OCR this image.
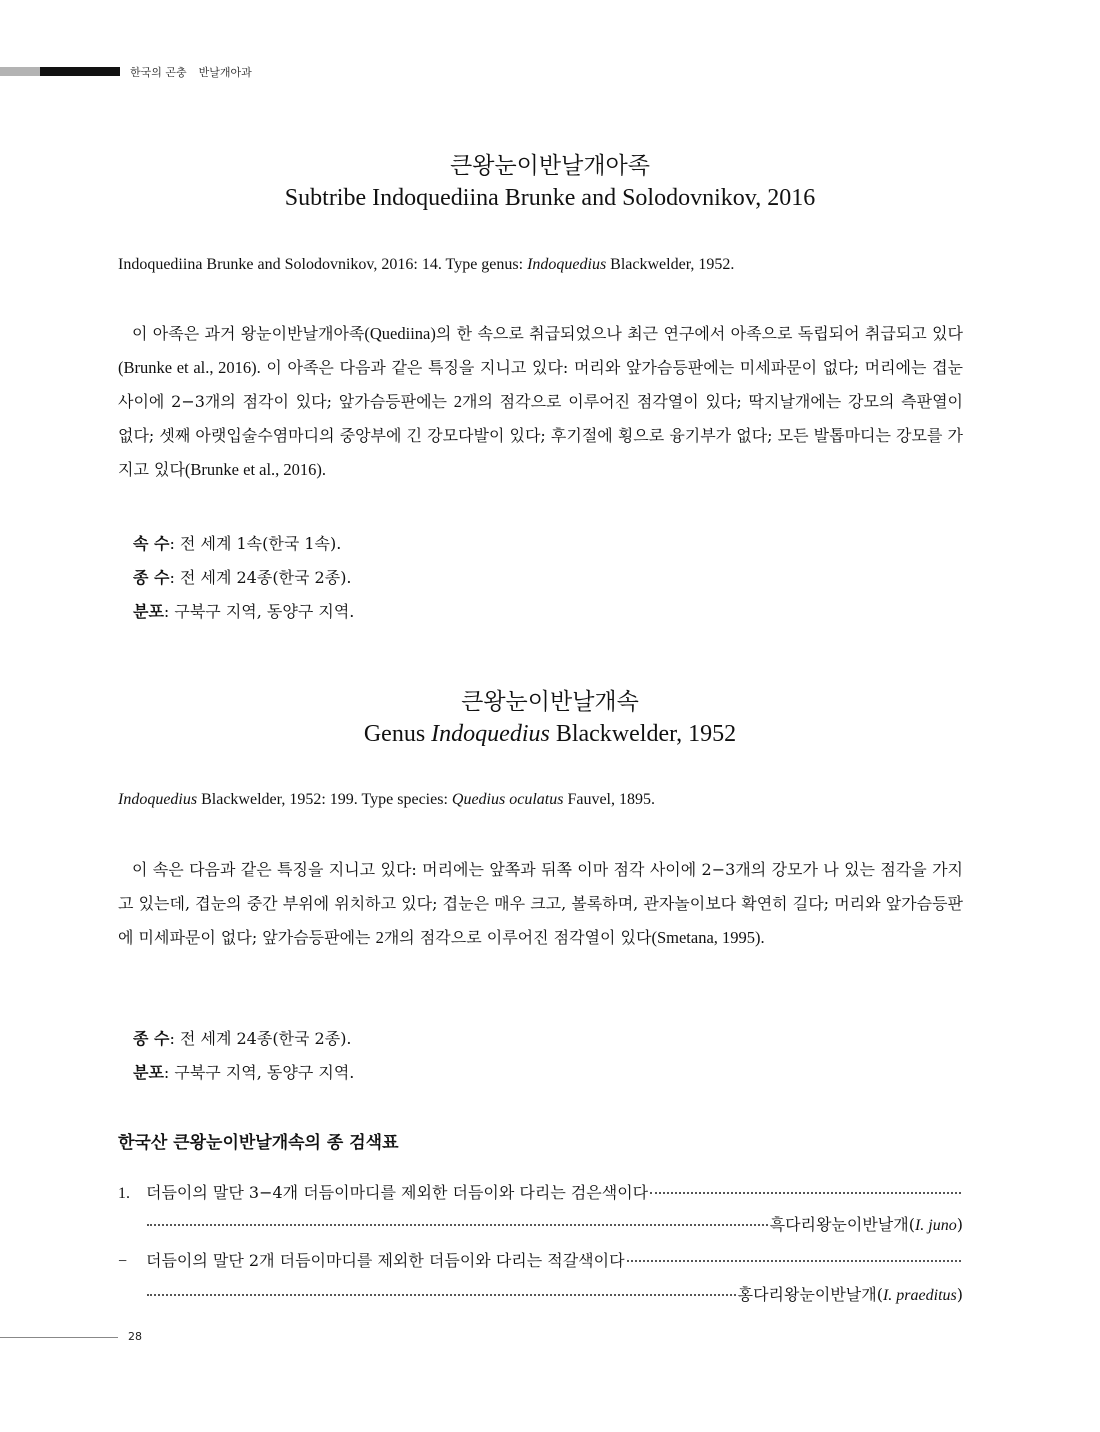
한국의 곤충 반날개아과
큰왕눈이반날개아족
Subtribe Indoquediina Brunke and Solodovnikov, 2016
Indoquediina Brunke and Solodovnikov, 2016: 14. Type genus: Indoquedius Blackwelder, 1952.
이 아족은 과거 왕눈이반날개아족(Quediina)의 한 속으로 취급되었으나 최근 연구에서 아족으로 독립되어 취급되고 있다(Brunke et al., 2016). 이 아족은 다음과 같은 특징을 지니고 있다: 머리와 앞가슴등판에는 미세파문이 없다; 머리에는 겹눈 사이에 2−3개의 점각이 있다; 앞가슴등판에는 2개의 점각으로 이루어진 점각열이 있다; 딱지날개에는 강모의 측판열이 없다; 셋째 아랫입술수염마디의 중앙부에 긴 강모다발이 있다; 후기절에 횡으로 융기부가 없다; 모든 발톱마디는 강모를 가지고 있다(Brunke et al., 2016).
속 수: 전 세계 1속(한국 1속).
종 수: 전 세계 24종(한국 2종).
분포: 구북구 지역, 동양구 지역.
큰왕눈이반날개속
Genus Indoquedius Blackwelder, 1952
Indoquedius Blackwelder, 1952: 199. Type species: Quedius oculatus Fauvel, 1895.
이 속은 다음과 같은 특징을 지니고 있다: 머리에는 앞쪽과 뒤쪽 이마 점각 사이에 2−3개의 강모가 나 있는 점각을 가지고 있는데, 겹눈의 중간 부위에 위치하고 있다; 겹눈은 매우 크고, 볼록하며, 관자놀이보다 확연히 길다; 머리와 앞가슴등판에 미세파문이 없다; 앞가슴등판에는 2개의 점각으로 이루어진 점각열이 있다(Smetana, 1995).
종 수: 전 세계 24종(한국 2종).
분포: 구북구 지역, 동양구 지역.
한국산 큰왕눈이반날개속의 종 검색표
1.	더듬이의 말단 3−4개 더듬이마디를 제외한 더듬이와 다리는 검은색이다
흑다리왕눈이반날개(I. juno)
−	더듬이의 말단 2개 더듬이마디를 제외한 더듬이와 다리는 적갈색이다
홍다리왕눈이반날개(I. praeditus)
28
